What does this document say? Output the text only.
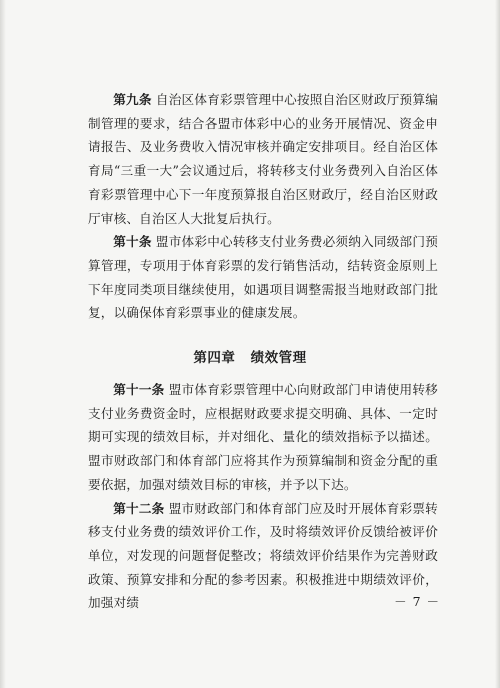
第九条 自治区体育彩票管理中心按照自治区财政厅预算编制管理的要求，结合各盟市体彩中心的业务开展情况、资金申请报告、及业务费收入情况审核并确定安排项目。经自治区体育局“三重一大”会议通过后，将转移支付业务费列入自治区体育彩票管理中心下一年度预算报自治区财政厅，经自治区财政厅审核、自治区人大批复后执行。

第十条 盟市体彩中心转移支付业务费必须纳入同级部门预算管理，专项用于体育彩票的发行销售活动，结转资金原则上下年度同类项目继续使用，如遇项目调整需报当地财政部门批复，以确保体育彩票事业的健康发展。

第四章 绩效管理

第十一条 盟市体育彩票管理中心向财政部门申请使用转移支付业务费资金时，应根据财政要求提交明确、具体、一定时期可实现的绩效目标，并对细化、量化的绩效指标予以描述。盟市财政部门和体育部门应将其作为预算编制和资金分配的重要依据，加强对绩效目标的审核，并予以下达。

第十二条 盟市财政部门和体育部门应及时开展体育彩票转移支付业务费的绩效评价工作，及时将绩效评价反馈给被评价单位，对发现的问题督促整改；将绩效评价结果作为完善财政政策、预算安排和分配的参考因素。积极推进中期绩效评价，加强对绩	－ 7 －
